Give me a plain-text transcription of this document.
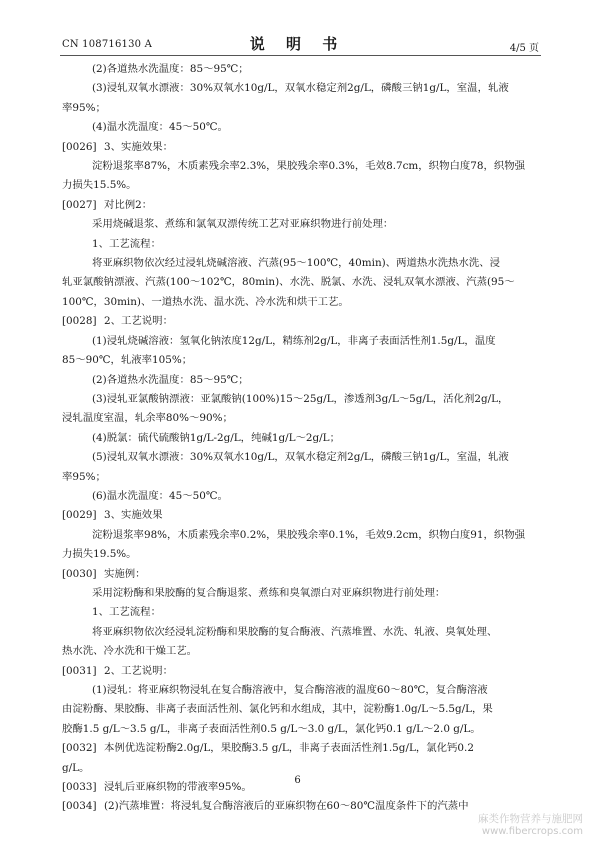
CN 108716130 A	说 明 书	4/5 页
(2)各道热水洗温度：85～95℃；
(3)浸轧双氧水漂液：30%双氧水10g/L，双氧水稳定剂2g/L，磷酸三钠1g/L，室温，轧液
率95%；
(4)温水洗温度：45～50℃。
[0026] 3、实施效果：
淀粉退浆率87%，木质素残余率2.3%，果胶残余率0.3%，毛效8.7cm，织物白度78，织物强
力损失15.5%。
[0027] 对比例2：
采用烧碱退浆、煮练和氯氧双漂传统工艺对亚麻织物进行前处理：
1、工艺流程：
将亚麻织物依次经过浸轧烧碱溶液、汽蒸(95～100℃，40min)、两道热水洗热水洗、浸
轧亚氯酸钠漂液、汽蒸(100～102℃，80min)、水洗、脱氯、水洗、浸轧双氧水漂液、汽蒸(95～
100℃，30min)、一道热水洗、温水洗、冷水洗和烘干工艺。
[0028] 2、工艺说明：
(1)浸轧烧碱溶液：氢氧化钠浓度12g/L，精练剂2g/L，非离子表面活性剂1.5g/L，温度
85～90℃，轧液率105%；
(2)各道热水洗温度：85～95℃；
(3)浸轧亚氯酸钠漂液：亚氯酸钠(100%)15～25g/L，渗透剂3g/L～5g/L，活化剂2g/L，
浸轧温度室温，轧余率80%～90%；
(4)脱氯：硫代硫酸钠1g/L-2g/L，纯碱1g/L～2g/L；
(5)浸轧双氧水漂液：30%双氧水10g/L，双氧水稳定剂2g/L，磷酸三钠1g/L，室温，轧液
率95%；
(6)温水洗温度：45～50℃。
[0029] 3、实施效果
淀粉退浆率98%，木质素残余率0.2%，果胶残余率0.1%，毛效9.2cm，织物白度91，织物强
力损失19.5%。
[0030] 实施例：
采用淀粉酶和果胶酶的复合酶退浆、煮练和臭氧漂白对亚麻织物进行前处理：
1、工艺流程：
将亚麻织物依次经浸轧淀粉酶和果胶酶的复合酶液、汽蒸堆置、水洗、轧液、臭氧处理、
热水洗、冷水洗和干燥工艺。
[0031] 2、工艺说明：
(1)浸轧：将亚麻织物浸轧在复合酶溶液中，复合酶溶液的温度60～80℃，复合酶溶液
由淀粉酶、果胶酶、非离子表面活性剂、氯化钙和水组成，其中，淀粉酶1.0g/L～5.5g/L，果
胶酶1.5 g/L～3.5 g/L，非离子表面活性剂0.5 g/L～3.0 g/L，氯化钙0.1 g/L～2.0 g/L。
[0032] 本例优选淀粉酶2.0g/L，果胶酶3.5 g/L，非离子表面活性剂1.5g/L，氯化钙0.2
g/L。
[0033] 浸轧后亚麻织物的带液率95%。
[0034] (2)汽蒸堆置：将浸轧复合酶溶液后的亚麻织物在60～80℃温度条件下的汽蒸中
6
麻类作物营养与施肥网
www.fibercrops.com
